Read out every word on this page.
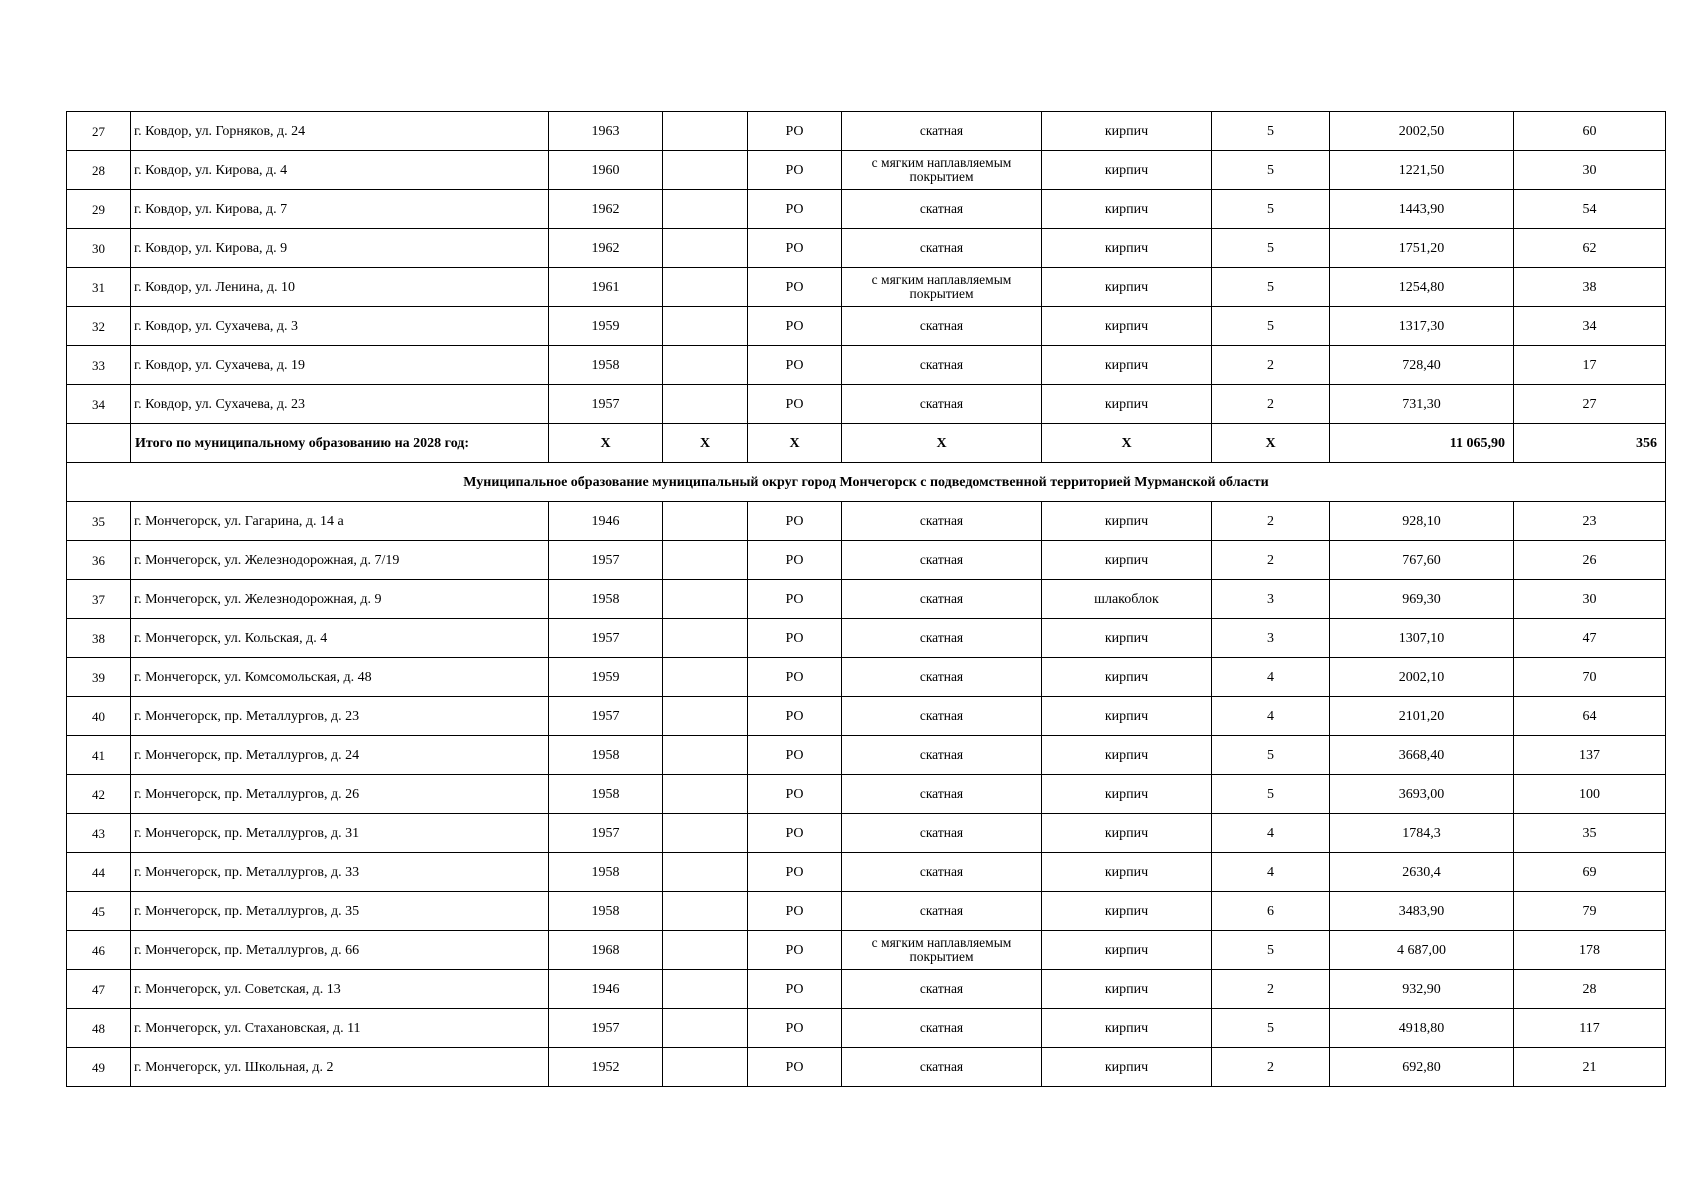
27	г. Ковдор, ул. Горняков, д. 24	1963		РО	скатная	кирпич	5	2002,50	60
28	г. Ковдор, ул. Кирова, д. 4	1960		РО	с мягким наплавляемым покрытием	кирпич	5	1221,50	30
29	г. Ковдор, ул. Кирова, д. 7	1962		РО	скатная	кирпич	5	1443,90	54
30	г. Ковдор, ул. Кирова, д. 9	1962		РО	скатная	кирпич	5	1751,20	62
31	г. Ковдор, ул. Ленина, д. 10	1961		РО	с мягким наплавляемым покрытием	кирпич	5	1254,80	38
32	г. Ковдор, ул. Сухачева, д. 3	1959		РО	скатная	кирпич	5	1317,30	34
33	г. Ковдор, ул. Сухачева, д. 19	1958		РО	скатная	кирпич	2	728,40	17
34	г. Ковдор, ул. Сухачева, д. 23	1957		РО	скатная	кирпич	2	731,30	27
	Итого по муниципальному образованию на 2028 год:	X	X	X	X	X	X	11 065,90	356
Муниципальное образование муниципальный округ город Мончегорск с подведомственной территорией Мурманской области									
35	г. Мончегорск, ул. Гагарина, д. 14 а	1946		РО	скатная	кирпич	2	928,10	23
36	г. Мончегорск, ул. Железнодорожная, д. 7/19	1957		РО	скатная	кирпич	2	767,60	26
37	г. Мончегорск, ул. Железнодорожная, д. 9	1958		РО	скатная	шлакоблок	3	969,30	30
38	г. Мончегорск, ул. Кольская, д. 4	1957		РО	скатная	кирпич	3	1307,10	47
39	г. Мончегорск, ул. Комсомольская, д. 48	1959		РО	скатная	кирпич	4	2002,10	70
40	г. Мончегорск, пр. Металлургов, д. 23	1957		РО	скатная	кирпич	4	2101,20	64
41	г. Мончегорск, пр. Металлургов, д. 24	1958		РО	скатная	кирпич	5	3668,40	137
42	г. Мончегорск, пр. Металлургов, д. 26	1958		РО	скатная	кирпич	5	3693,00	100
43	г. Мончегорск, пр. Металлургов, д. 31	1957		РО	скатная	кирпич	4	1784,3	35
44	г. Мончегорск, пр. Металлургов, д. 33	1958		РО	скатная	кирпич	4	2630,4	69
45	г. Мончегорск, пр. Металлургов, д. 35	1958		РО	скатная	кирпич	6	3483,90	79
46	г. Мончегорск, пр. Металлургов, д. 66	1968		РО	с мягким наплавляемым покрытием	кирпич	5	4 687,00	178
47	г. Мончегорск, ул. Советская, д. 13	1946		РО	скатная	кирпич	2	932,90	28
48	г. Мончегорск, ул. Стахановская, д. 11	1957		РО	скатная	кирпич	5	4918,80	117
49	г. Мончегорск, ул. Школьная, д. 2	1952		РО	скатная	кирпич	2	692,80	21
